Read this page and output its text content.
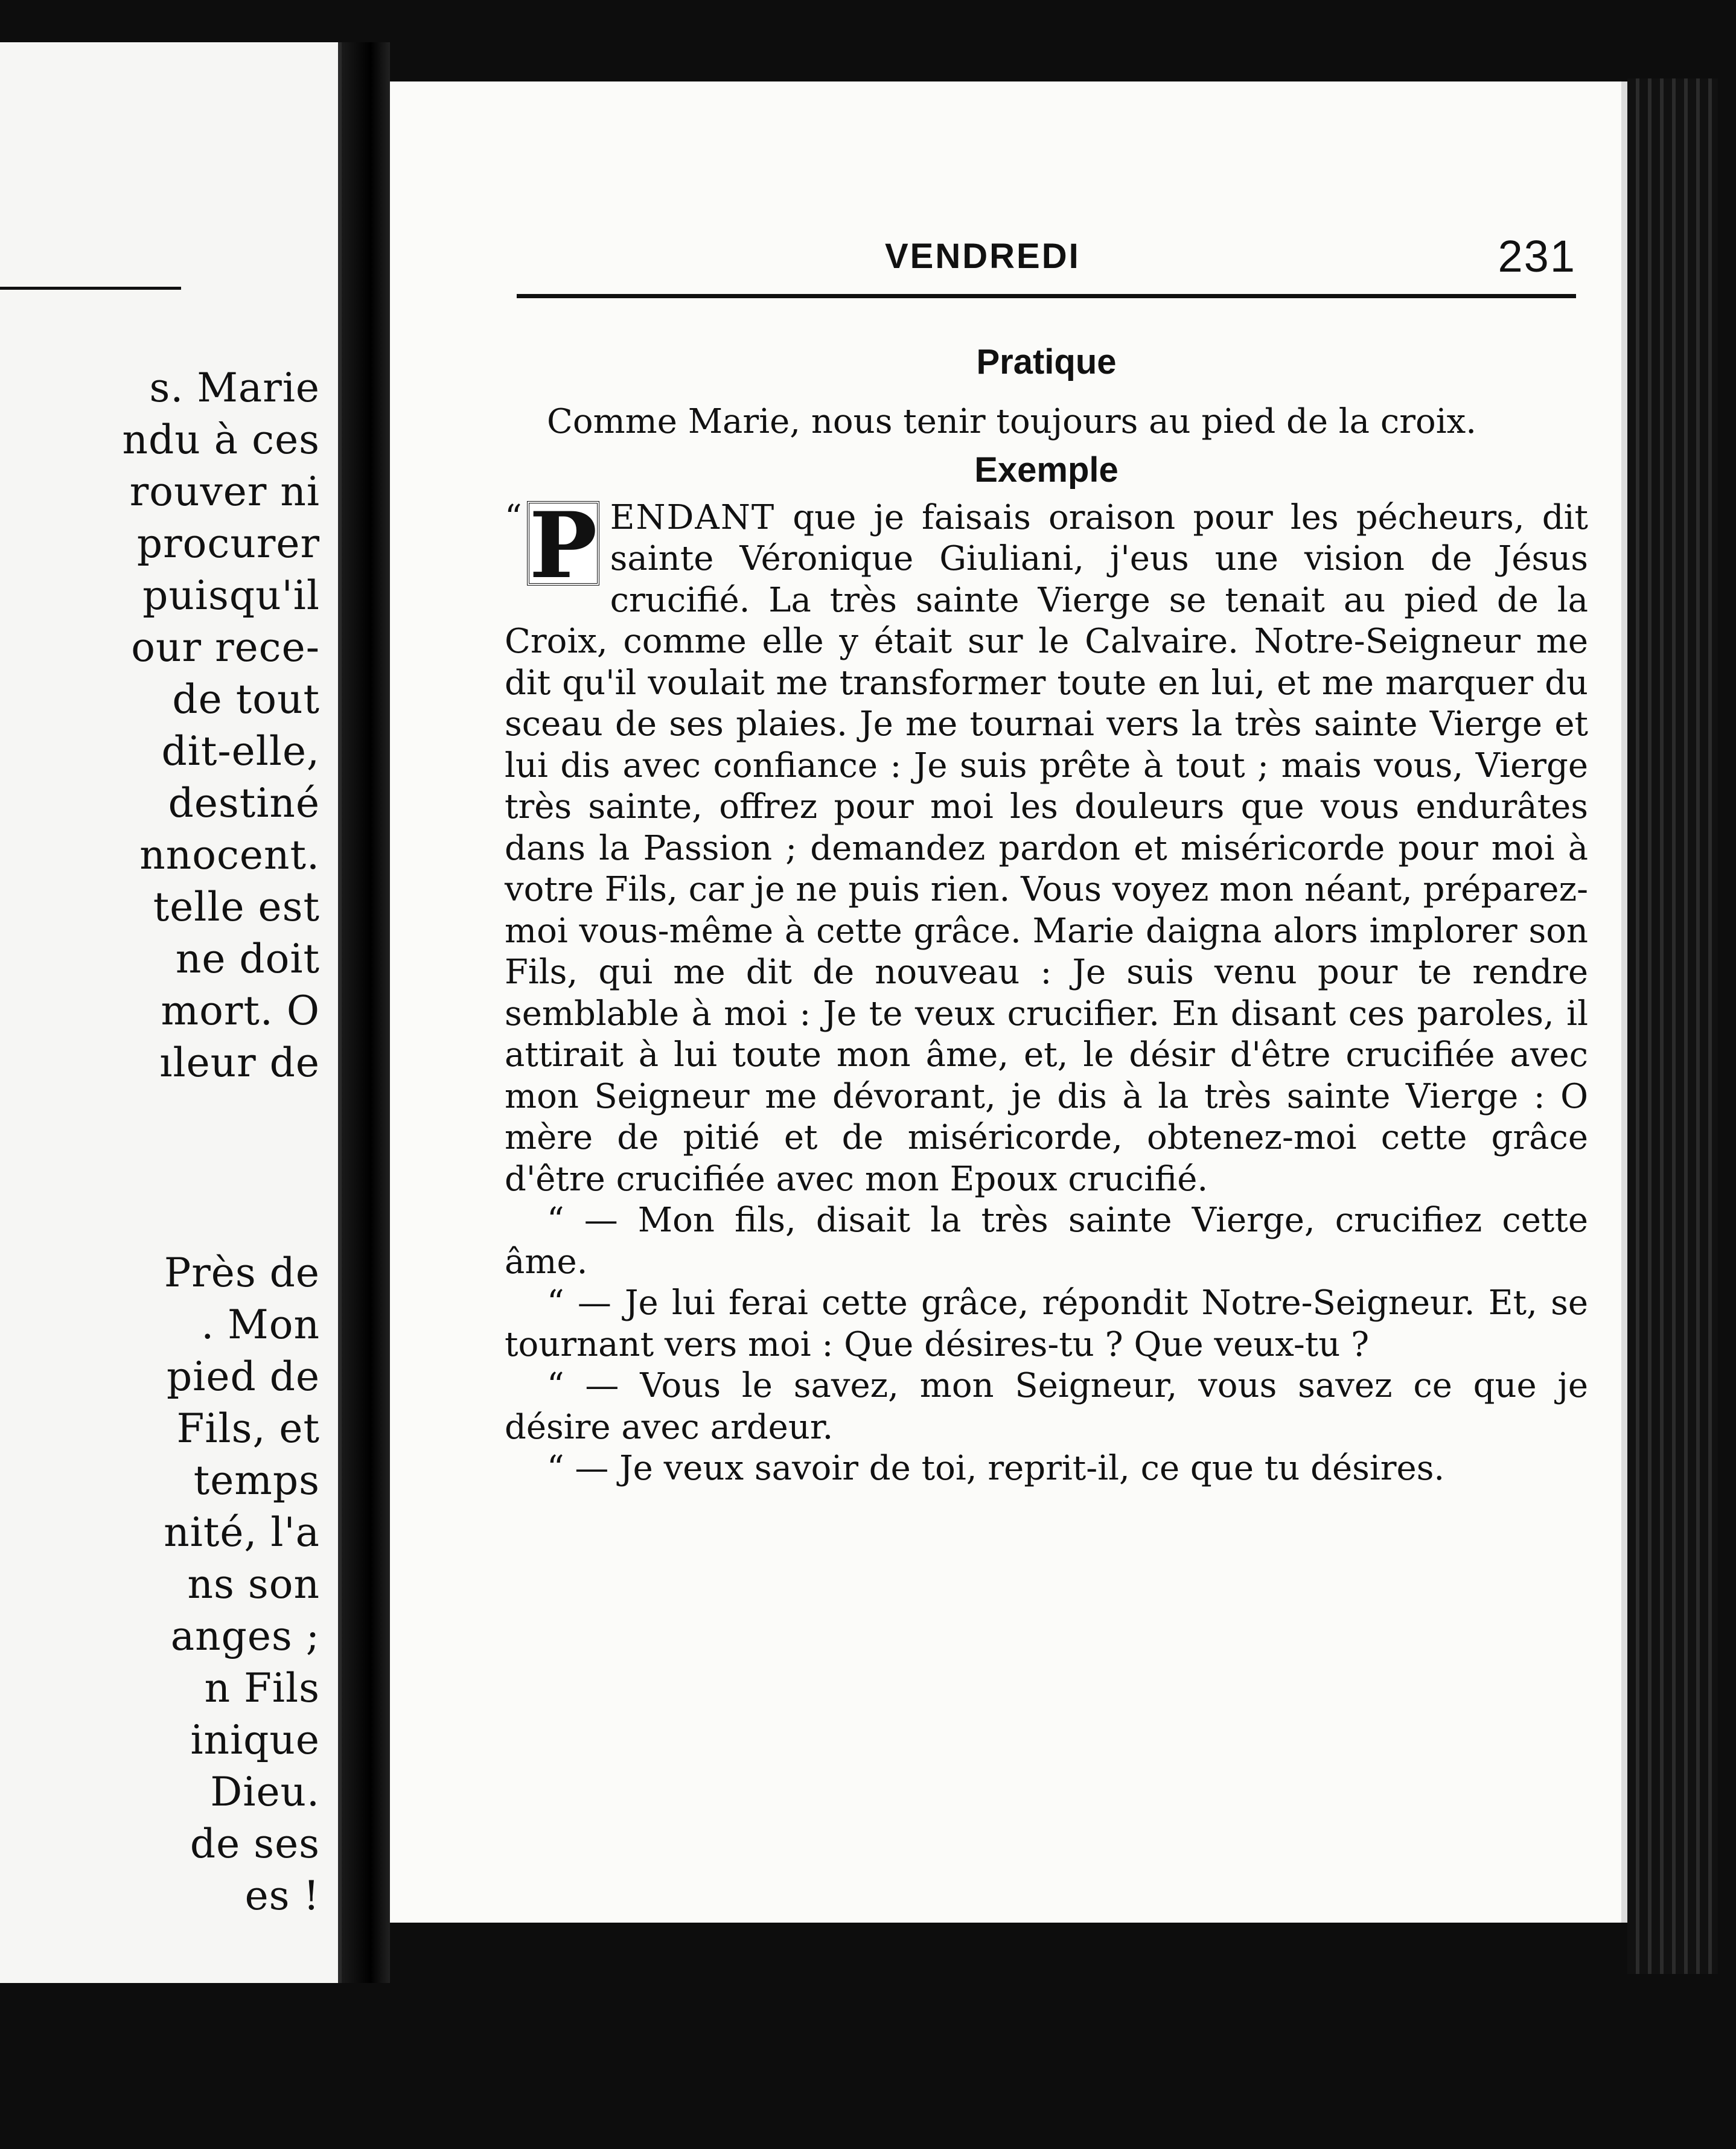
s. Marie
ndu à ces
rouver ni
procurer
puisqu'il
our rece-
de tout
dit-elle,
destiné
nnocent.
telle est
ne doit
mort. O
ıleur de
Près de
. Mon
pied de
Fils, et
temps
nité, l'a
ns son
anges ;
n Fils
inique
Dieu.
de ses
es !
VENDREDI	231
Pratique

Comme Marie, nous tenir toujours au pied de la croix.

Exemple

“ P ENDANT que je faisais oraison pour les pécheurs, dit sainte Véronique Giuliani, j'eus une vision de Jésus crucifié. La très sainte Vierge se tenait au pied de la Croix, comme elle y était sur le Calvaire. Notre-Seigneur me dit qu'il voulait me transformer toute en lui, et me marquer du sceau de ses plaies. Je me tournai vers la très sainte Vierge et lui dis avec confiance : Je suis prête à tout ; mais vous, Vierge très sainte, offrez pour moi les douleurs que vous endurâtes dans la Passion ; demandez pardon et miséricorde pour moi à votre Fils, car je ne puis rien. Vous voyez mon néant, préparez-moi vous-même à cette grâce. Marie daigna alors implorer son Fils, qui me dit de nouveau : Je suis venu pour te rendre semblable à moi : Je te veux crucifier. En disant ces paroles, il attirait à lui toute mon âme, et, le désir d'être crucifiée avec mon Seigneur me dévorant, je dis à la très sainte Vierge : O mère de pitié et de miséricorde, obtenez-moi cette grâce d'être crucifiée avec mon Epoux crucifié.

“ — Mon fils, disait la très sainte Vierge, crucifiez cette âme.

“ — Je lui ferai cette grâce, répondit Notre-Seigneur. Et, se tournant vers moi : Que désires-tu ? Que veux-tu ?

“ — Vous le savez, mon Seigneur, vous savez ce que je désire avec ardeur.

“ — Je veux savoir de toi, reprit-il, ce que tu désires.
